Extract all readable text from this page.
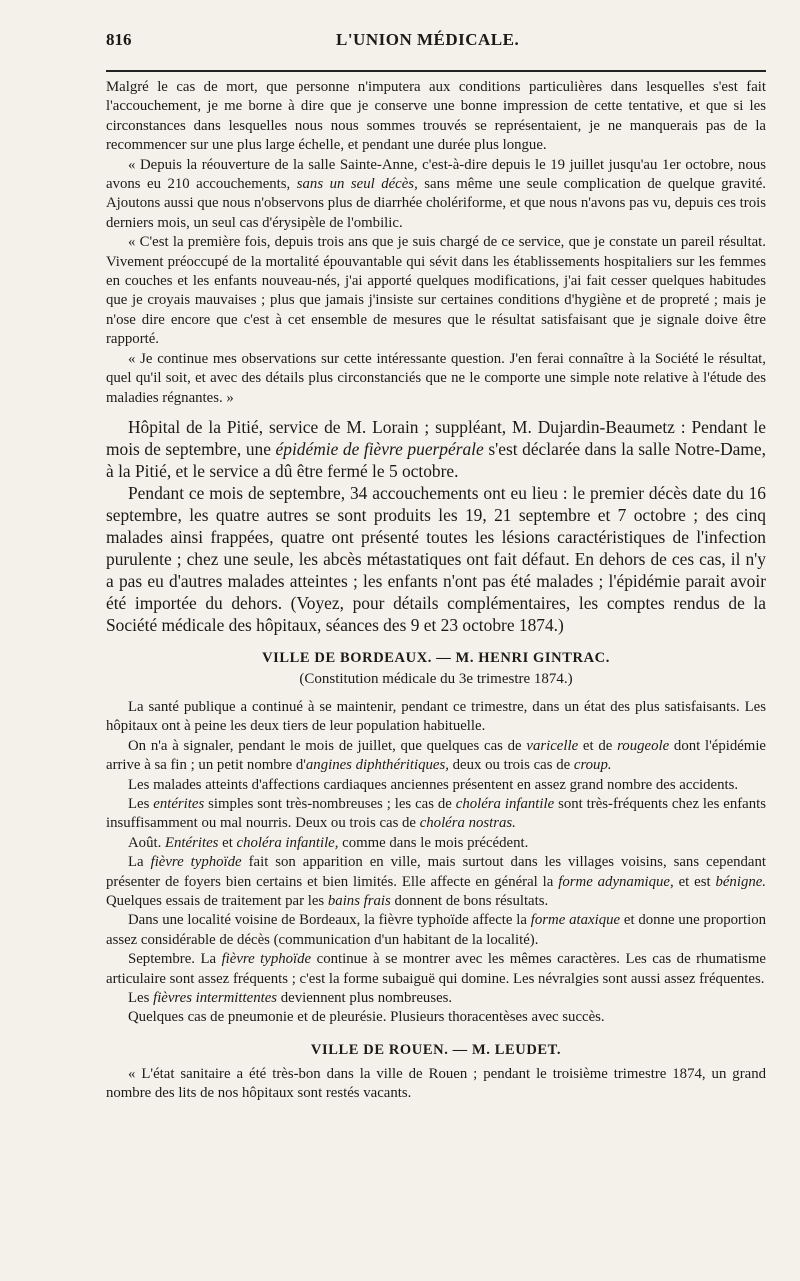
816	L'UNION MÉDICALE.

Malgré le cas de mort, que personne n'imputera aux conditions particulières dans lesquelles s'est fait l'accouchement, je me borne à dire que je conserve une bonne impression de cette tentative, et que si les circonstances dans lesquelles nous nous sommes trouvés se représentaient, je ne manquerais pas de la recommencer sur une plus large échelle, et pendant une durée plus longue.

« Depuis la réouverture de la salle Sainte-Anne, c'est-à-dire depuis le 19 juillet jusqu'au 1er octobre, nous avons eu 210 accouchements, sans un seul décès, sans même une seule complication de quelque gravité. Ajoutons aussi que nous n'observons plus de diarrhée cholériforme, et que nous n'avons pas vu, depuis ces trois derniers mois, un seul cas d'érysipèle de l'ombilic.

« C'est la première fois, depuis trois ans que je suis chargé de ce service, que je constate un pareil résultat. Vivement préoccupé de la mortalité épouvantable qui sévit dans les établissements hospitaliers sur les femmes en couches et les enfants nouveau-nés, j'ai apporté quelques modifications, j'ai fait cesser quelques habitudes que je croyais mauvaises ; plus que jamais j'insiste sur certaines conditions d'hygiène et de propreté ; mais je n'ose dire encore que c'est à cet ensemble de mesures que le résultat satisfaisant que je signale doive être rapporté.

« Je continue mes observations sur cette intéressante question. J'en ferai connaître à la Société le résultat, quel qu'il soit, et avec des détails plus circonstanciés que ne le comporte une simple note relative à l'étude des maladies régnantes. »

Hôpital de la Pitié, service de M. Lorain ; suppléant, M. Dujardin-Beaumetz : Pendant le mois de septembre, une épidémie de fièvre puerpérale s'est déclarée dans la salle Notre-Dame, à la Pitié, et le service a dû être fermé le 5 octobre.

Pendant ce mois de septembre, 34 accouchements ont eu lieu : le premier décès date du 16 septembre, les quatre autres se sont produits les 19, 21 septembre et 7 octobre ; des cinq malades ainsi frappées, quatre ont présenté toutes les lésions caractéristiques de l'infection purulente ; chez une seule, les abcès métastatiques ont fait défaut. En dehors de ces cas, il n'y a pas eu d'autres malades atteintes ; les enfants n'ont pas été malades ; l'épidémie parait avoir été importée du dehors. (Voyez, pour détails complémentaires, les comptes rendus de la Société médicale des hôpitaux, séances des 9 et 23 octobre 1874.)

VILLE DE BORDEAUX. — M. HENRI GINTRAC.
(Constitution médicale du 3e trimestre 1874.)

La santé publique a continué à se maintenir, pendant ce trimestre, dans un état des plus satisfaisants. Les hôpitaux ont à peine les deux tiers de leur population habituelle.

On n'a à signaler, pendant le mois de juillet, que quelques cas de varicelle et de rougeole dont l'épidémie arrive à sa fin ; un petit nombre d'angines diphthéritiques, deux ou trois cas de croup.

Les malades atteints d'affections cardiaques anciennes présentent en assez grand nombre des accidents.

Les entérites simples sont très-nombreuses ; les cas de choléra infantile sont très-fréquents chez les enfants insuffisamment ou mal nourris. Deux ou trois cas de choléra nostras.

Août. Entérites et choléra infantile, comme dans le mois précédent.

La fièvre typhoïde fait son apparition en ville, mais surtout dans les villages voisins, sans cependant présenter de foyers bien certains et bien limités. Elle affecte en général la forme adynamique, et est bénigne. Quelques essais de traitement par les bains frais donnent de bons résultats.

Dans une localité voisine de Bordeaux, la fièvre typhoïde affecte la forme ataxique et donne une proportion assez considérable de décès (communication d'un habitant de la localité).

Septembre. La fièvre typhoïde continue à se montrer avec les mêmes caractères. Les cas de rhumatisme articulaire sont assez fréquents ; c'est la forme subaiguë qui domine. Les névralgies sont aussi assez fréquentes.

Les fièvres intermittentes deviennent plus nombreuses.

Quelques cas de pneumonie et de pleurésie. Plusieurs thoracentèses avec succès.

VILLE DE ROUEN. — M. LEUDET.

« L'état sanitaire a été très-bon dans la ville de Rouen ; pendant le troisième trimestre 1874, un grand nombre des lits de nos hôpitaux sont restés vacants.
